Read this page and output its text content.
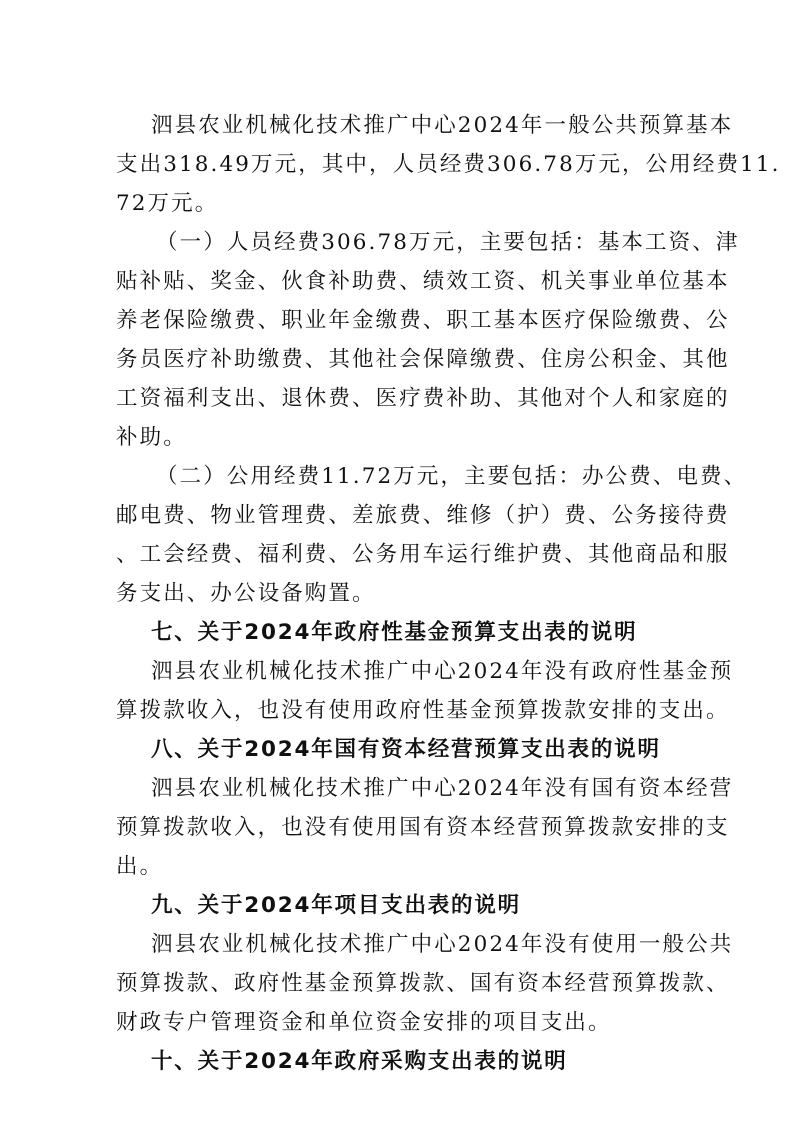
泗县农业机械化技术推广中心2024年一般公共预算基本
支出318.49万元，其中，人员经费306.78万元，公用经费11.
72万元。
（一）人员经费306.78万元，主要包括：基本工资、津
贴补贴、奖金、伙食补助费、绩效工资、机关事业单位基本
养老保险缴费、职业年金缴费、职工基本医疗保险缴费、公
务员医疗补助缴费、其他社会保障缴费、住房公积金、其他
工资福利支出、退休费、医疗费补助、其他对个人和家庭的
补助。
（二）公用经费11.72万元，主要包括：办公费、电费、
邮电费、物业管理费、差旅费、维修（护）费、公务接待费
、工会经费、福利费、公务用车运行维护费、其他商品和服
务支出、办公设备购置。
七、关于2024年政府性基金预算支出表的说明
泗县农业机械化技术推广中心2024年没有政府性基金预
算拨款收入，也没有使用政府性基金预算拨款安排的支出。
八、关于2024年国有资本经营预算支出表的说明
泗县农业机械化技术推广中心2024年没有国有资本经营
预算拨款收入，也没有使用国有资本经营预算拨款安排的支
出。
九、关于2024年项目支出表的说明
泗县农业机械化技术推广中心2024年没有使用一般公共
预算拨款、政府性基金预算拨款、国有资本经营预算拨款、
财政专户管理资金和单位资金安排的项目支出。
十、关于2024年政府采购支出表的说明
